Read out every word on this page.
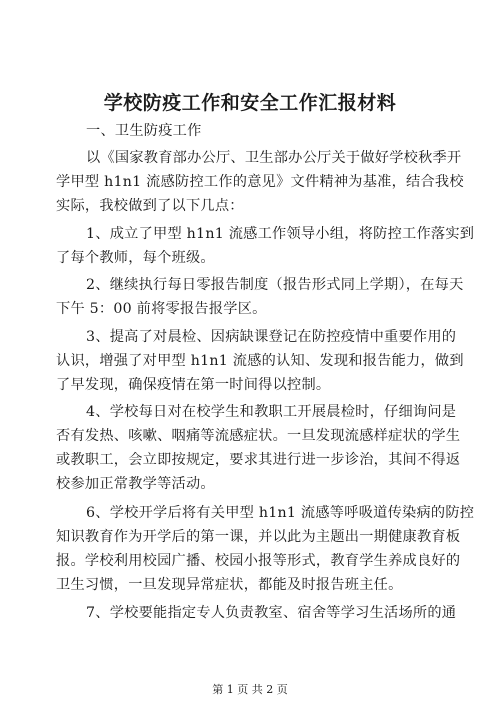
学校防疫工作和安全工作汇报材料
一、卫生防疫工作
以《国家教育部办公厅、卫生部办公厅关于做好学校秋季开
学甲型 h1n1 流感防控工作的意见》文件精神为基准，结合我校
实际，我校做到了以下几点：
1、成立了甲型 h1n1 流感工作领导小组，将防控工作落实到
了每个教师，每个班级。
2、继续执行每日零报告制度（报告形式同上学期），在每天
下午 5：00 前将零报告报学区。
3、提高了对晨检、因病缺课登记在防控疫情中重要作用的
认识，增强了对甲型 h1n1 流感的认知、发现和报告能力，做到
了早发现，确保疫情在第一时间得以控制。
4、学校每日对在校学生和教职工开展晨检时，仔细询问是
否有发热、咳嗽、咽痛等流感症状。一旦发现流感样症状的学生
或教职工，会立即按规定，要求其进行进一步诊治，其间不得返
校参加正常教学等活动。
6、学校开学后将有关甲型 h1n1 流感等呼吸道传染病的防控
知识教育作为开学后的第一课，并以此为主题出一期健康教育板
报。学校利用校园广播、校园小报等形式，教育学生养成良好的
卫生习惯，一旦发现异常症状，都能及时报告班主任。
7、学校要能指定专人负责教室、宿舍等学习生活场所的通
第 1 页 共 2 页
